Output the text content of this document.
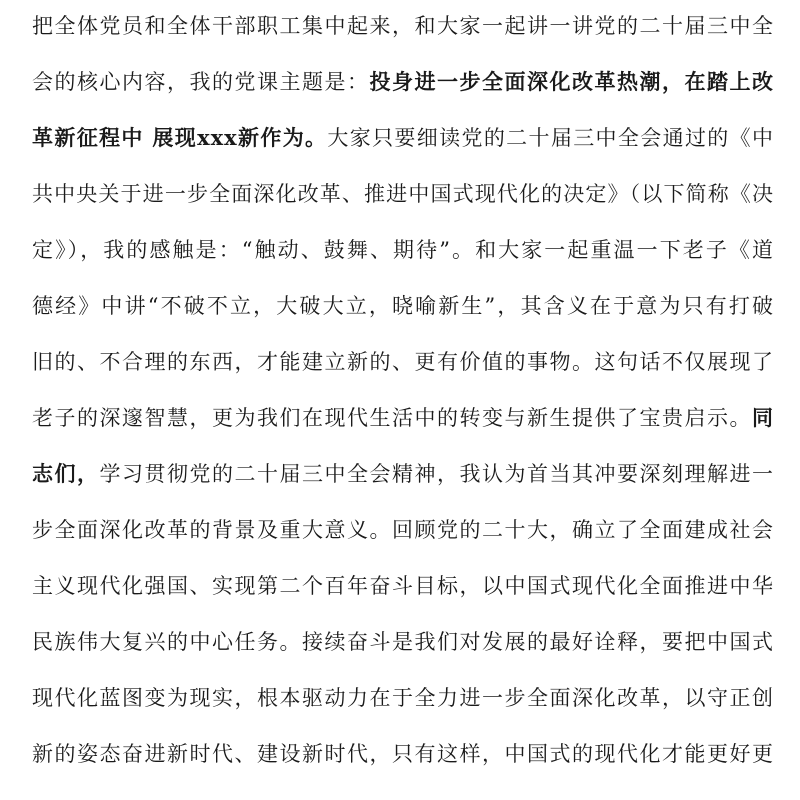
把全体党员和全体干部职工集中起来，和大家一起讲一讲党的二十届三中全
会的核心内容，我的党课主题是：投身进一步全面深化改革热潮，在踏上改
革新征程中 展现xxx新作为。大家只要细读党的二十届三中全会通过的《中
共中央关于进一步全面深化改革、推进中国式现代化的决定》（以下简称《决
定》），我的感触是：“触动、鼓舞、期待”。和大家一起重温一下老子《道
德经》中讲“不破不立，大破大立，晓喻新生”，其含义在于意为只有打破
旧的、不合理的东西，才能建立新的、更有价值的事物。这句话不仅展现了
老子的深邃智慧，更为我们在现代生活中的转变与新生提供了宝贵启示。同
志们，学习贯彻党的二十届三中全会精神，我认为首当其冲要深刻理解进一
步全面深化改革的背景及重大意义。回顾党的二十大，确立了全面建成社会
主义现代化强国、实现第二个百年奋斗目标，以中国式现代化全面推进中华
民族伟大复兴的中心任务。接续奋斗是我们对发展的最好诠释，要把中国式
现代化蓝图变为现实，根本驱动力在于全力进一步全面深化改革，以守正创
新的姿态奋进新时代、建设新时代，只有这样，中国式的现代化才能更好更
